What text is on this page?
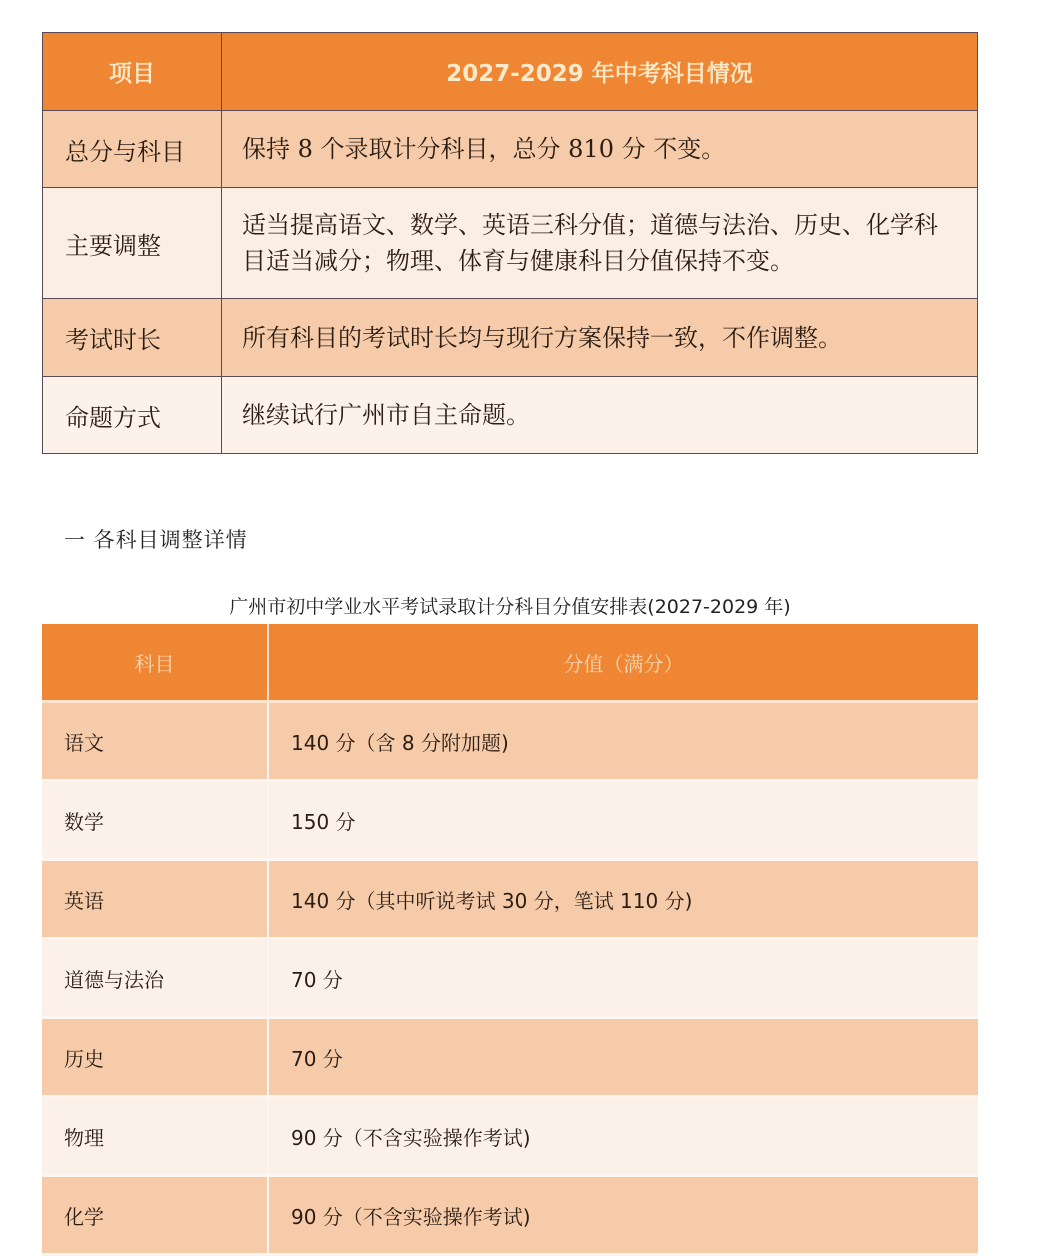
项目	2027-2029 年中考科目情况
总分与科目	保持 8 个录取计分科目，总分 810 分 不变。
主要调整	适当提高语文、数学、英语三科分值；道德与法治、历史、化学科目适当减分；物理、体育与健康科目分值保持不变。
考试时长	所有科目的考试时长均与现行方案保持一致，不作调整。
命题方式	继续试行广州市自主命题。
一 各科目调整详情
广州市初中学业水平考试录取计分科目分值安排表(2027-2029 年)
科目	分值（满分）
语文	140 分（含 8 分附加题)
数学	150 分
英语	140 分（其中听说考试 30 分，笔试 110 分)
道德与法治	70 分
历史	70 分
物理	90 分（不含实验操作考试)
化学	90 分（不含实验操作考试)
